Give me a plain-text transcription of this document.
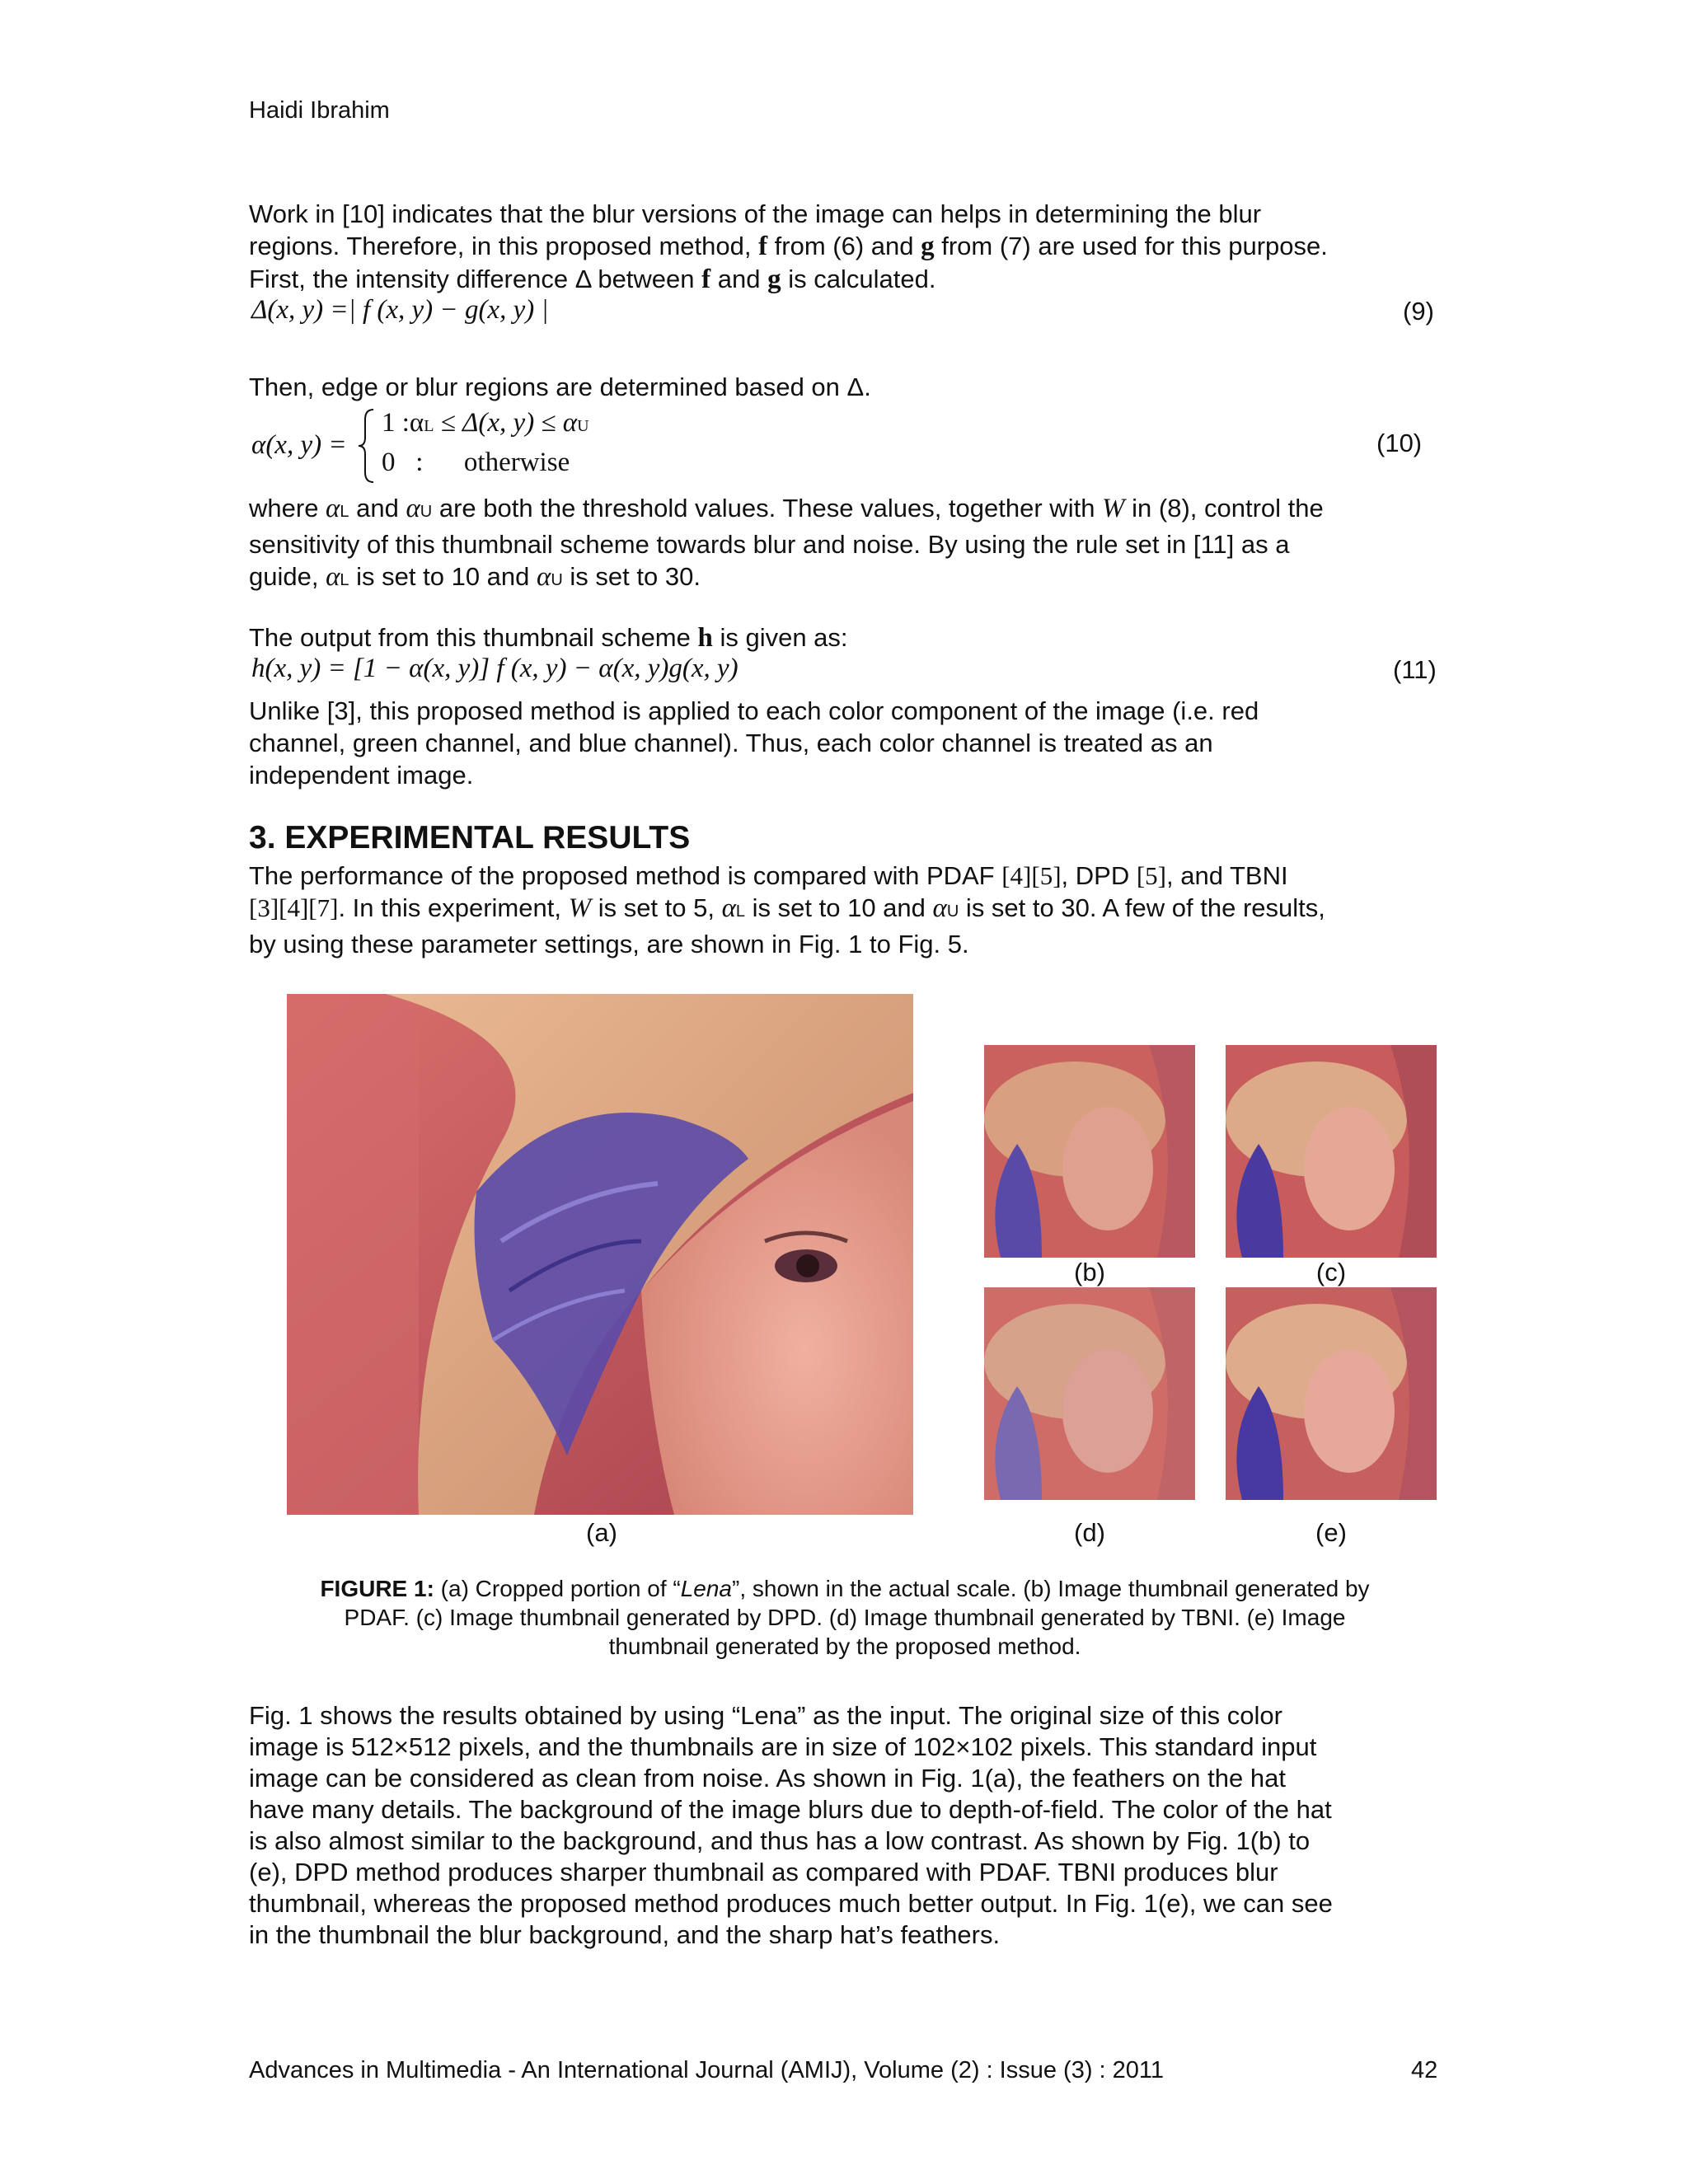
Haidi Ibrahim
Work in [10] indicates that the blur versions of the image can helps in determining the blur
regions. Therefore, in this proposed method, f from (6) and g from (7) are used for this purpose.
First, the intensity difference Δ between f and g is calculated.
Δ(x, y) =| f (x, y) − g(x, y) |	(9)
Then, edge or blur regions are determined based on Δ.
α(x, y) =
1 :αL ≤ Δ(x, y) ≤ αU
0   :      otherwise
(10)
where αL and αU are both the threshold values. These values, together with W in (8), control the
sensitivity of this thumbnail scheme towards blur and noise. By using the rule set in [11] as a
guide, αL is set to 10 and αU is set to 30.
The output from this thumbnail scheme h is given as:
h(x, y) = [1 − α(x, y)] f (x, y) − α(x, y)g(x, y)	(11)
Unlike [3], this proposed method is applied to each color component of the image (i.e. red
channel, green channel, and blue channel). Thus, each color channel is treated as an
independent image.
3. EXPERIMENTAL RESULTS
The performance of the proposed method is compared with PDAF [4][5], DPD [5], and TBNI
[3][4][7]. In this experiment, W is set to 5, αL is set to 10 and αU is set to 30. A few of the results,
by using these parameter settings, are shown in Fig. 1 to Fig. 5.
(b)	(c)
(a)	(d)	(e)
FIGURE 1: (a) Cropped portion of “Lena”, shown in the actual scale. (b) Image thumbnail generated by
PDAF. (c) Image thumbnail generated by DPD. (d) Image thumbnail generated by TBNI. (e) Image
thumbnail generated by the proposed method.
Fig. 1 shows the results obtained by using “Lena” as the input. The original size of this color
image is 512×512 pixels, and the thumbnails are in size of 102×102 pixels. This standard input
image can be considered as clean from noise. As shown in Fig. 1(a), the feathers on the hat
have many details. The background of the image blurs due to depth-of-field. The color of the hat
is also almost similar to the background, and thus has a low contrast. As shown by Fig. 1(b) to
(e), DPD method produces sharper thumbnail as compared with PDAF. TBNI produces blur
thumbnail, whereas the proposed method produces much better output. In Fig. 1(e), we can see
in the thumbnail the blur background, and the sharp hat’s feathers.
Advances in Multimedia - An International Journal (AMIJ), Volume (2) : Issue (3) : 2011	42
